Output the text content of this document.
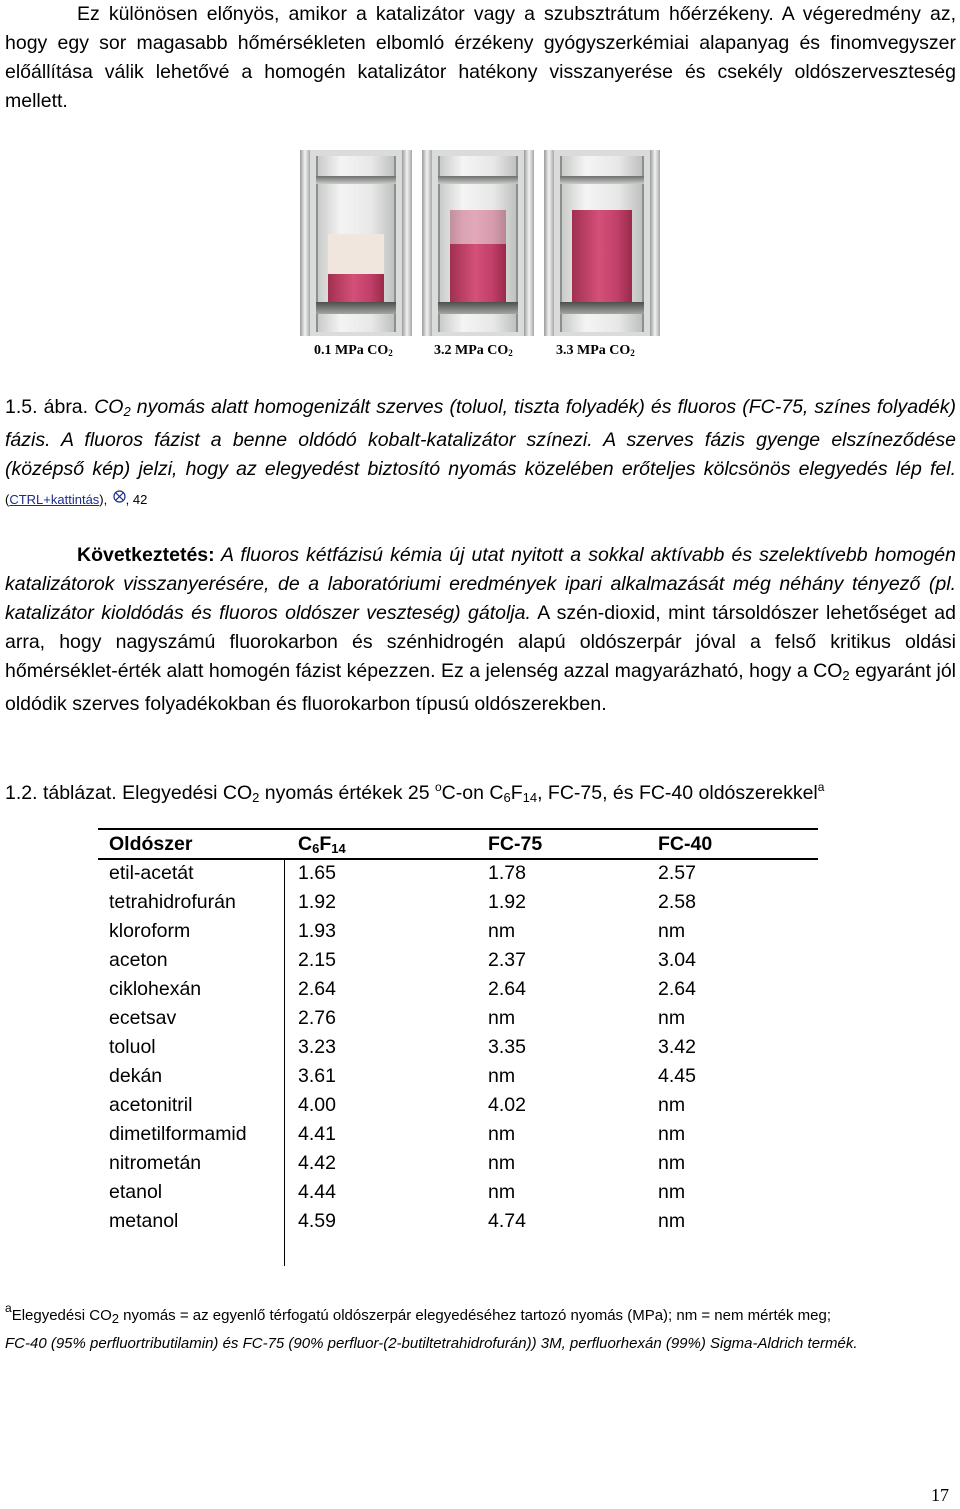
Ez különösen előnyös, amikor a katalizátor vagy a szubsztrátum hőérzékeny. A végeredmény az, hogy egy sor magasabb hőmérsékleten elbomló érzékeny gyógyszerkémiai alapanyag és finomvegyszer előállítása válik lehetővé a homogén katalizátor hatékony visszanyerése és csekély oldószerveszteség mellett.
0.1 MPa $CO_2$	3.2 MPa $CO_2$	3.3 MPa $CO_2$
1.5. ábra. $CO_2$ nyomás alatt homogenizált szerves (toluol, tiszta folyadék) és fluoros (FC-75, színes folyadék) fázis. A fluoros fázist a benne oldódó kobalt-katalizátor színezi. A szerves fázis gyenge elszíneződése (középső kép) jelzi, hogy az elegyedést biztosító nyomás közelében erőteljes kölcsönös elegyedés lép fel. $^{(CTRL+kattintás),}$ $^{, 42}$
Következtetés: A fluoros kétfázisú kémia új utat nyitott a sokkal aktívabb és szelektívebb homogén katalizátorok visszanyerésére, de a laboratóriumi eredmények ipari alkalmazását még néhány tényező (pl. katalizátor kioldódás és fluoros oldószer veszteség) gátolja. A szén-dioxid, mint társoldószer lehetőséget ad arra, hogy nagyszámú fluorokarbon és szénhidrogén alapú oldószerpár jóval a felső kritikus oldási hőmérséklet-érték alatt homogén fázist képezzen. Ez a jelenség azzal magyarázható, hogy a $CO_2$ egyaránt jól oldódik szerves folyadékokban és fluorokarbon típusú oldószerekben.
1.2. táblázat. Elegyedési $CO_2$ nyomás értékek 25 $^o$C-on $C_6F_{14}$, FC-75, és FC-40 oldószerekkel$^a$
Oldószer	$C_6F_{14}$	FC-75	FC-40
etil-acetát	1.65	1.78	2.57
tetrahidrofurán	1.92	1.92	2.58
kloroform	1.93	nm	nm
aceton	2.15	2.37	3.04
ciklohexán	2.64	2.64	2.64
ecetsav	2.76	nm	nm
toluol	3.23	3.35	3.42
dekán	3.61	nm	4.45
acetonitril	4.00	4.02	nm
dimetilformamid	4.41	nm	nm
nitrometán	4.42	nm	nm
etanol	4.44	nm	nm
metanol	4.59	4.74	nm
$^a$Elegyedési $CO_2$ nyomás = az egyenlő térfogatú oldószerpár elegyedéséhez tartozó nyomás (MPa); nm = nem mérték meg;
FC-40 (95% perfluortributilamin) és FC-75 (90% perfluor-(2-butiltetrahidrofurán)) 3M, perfluorhexán (99%) Sigma-Aldrich termék.
17
